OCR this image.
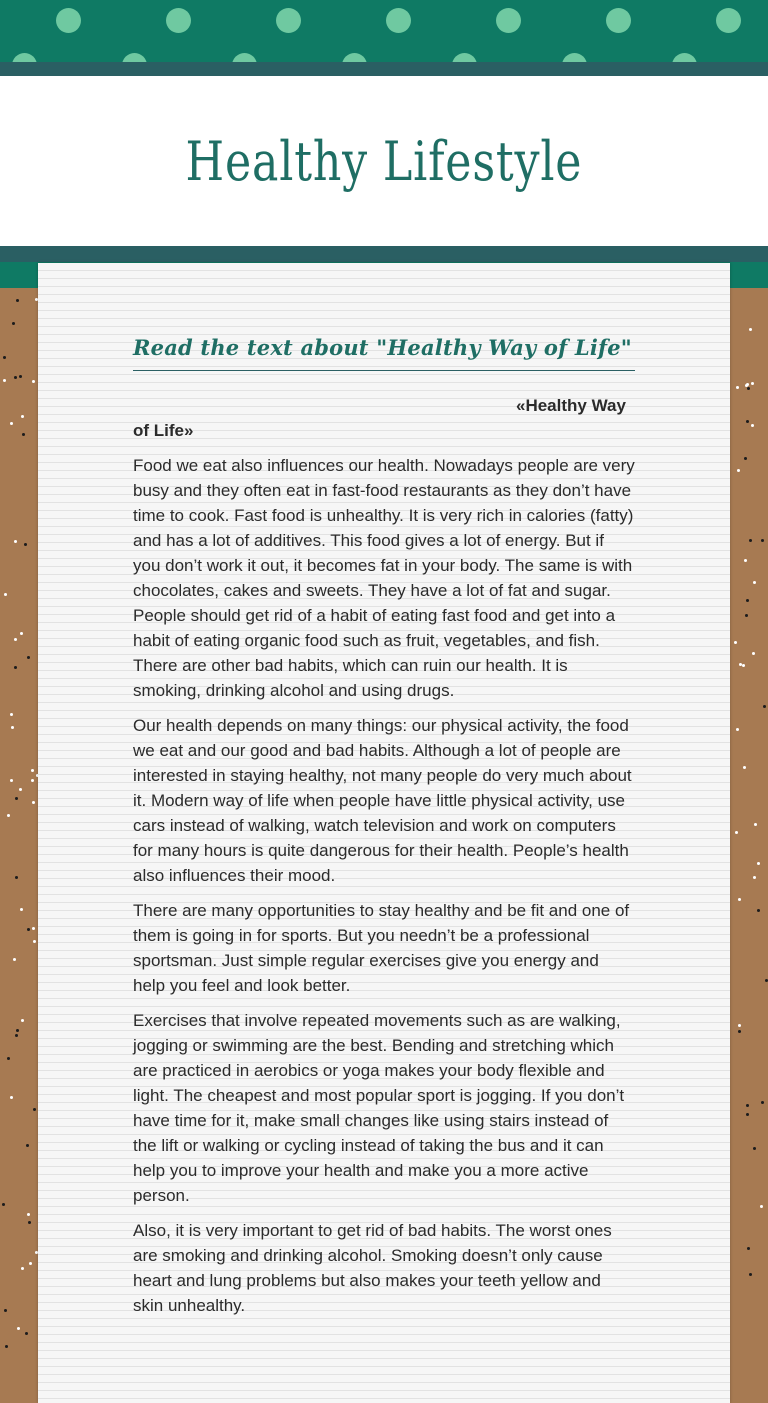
Healthy Lifestyle
Read the text about "Healthy Way of Life"

«Healthy Way of Life»

Food we eat also influences our health. Nowadays people are very busy and they often eat in fast-food restaurants as they don’t have time to cook. Fast food is unhealthy. It is very rich in calories (fatty) and has a lot of additives. This food gives a lot of energy. But if you don’t work it out, it becomes fat in your body. The same is with chocolates, cakes and sweets. They have a lot of fat and sugar. People should get rid of a habit of eating fast food and get into a habit of eating organic food such as fruit, vegetables, and fish. There are other bad habits, which can ruin our health. It is smoking, drinking alcohol and using drugs.

Our health depends on many things: our physical activity, the food we eat and our good and bad habits. Although a lot of people are interested in staying healthy, not many people do very much about it. Modern way of life when people have little physical activity, use cars instead of walking, watch television and work on computers for many hours is quite dangerous for their health. People’s health also influences their mood.

There are many opportunities to stay healthy and be fit and one of them is going in for sports. But you needn’t be a professional sportsman. Just simple regular exercises give you energy and help you feel and look better.

Exercises that involve repeated movements such as are walking, jogging or swimming are the best. Bending and stretching which are practiced in aerobics or yoga makes your body flexible and light. The cheapest and most popular sport is jogging. If you don’t have time for it, make small changes like using stairs instead of the lift or walking or cycling instead of taking the bus and it can help you to improve your health and make you a more active person.

Also, it is very important to get rid of bad habits. The worst ones are smoking and drinking alcohol. Smoking doesn’t only cause heart and lung problems but also makes your teeth yellow and skin unhealthy.
